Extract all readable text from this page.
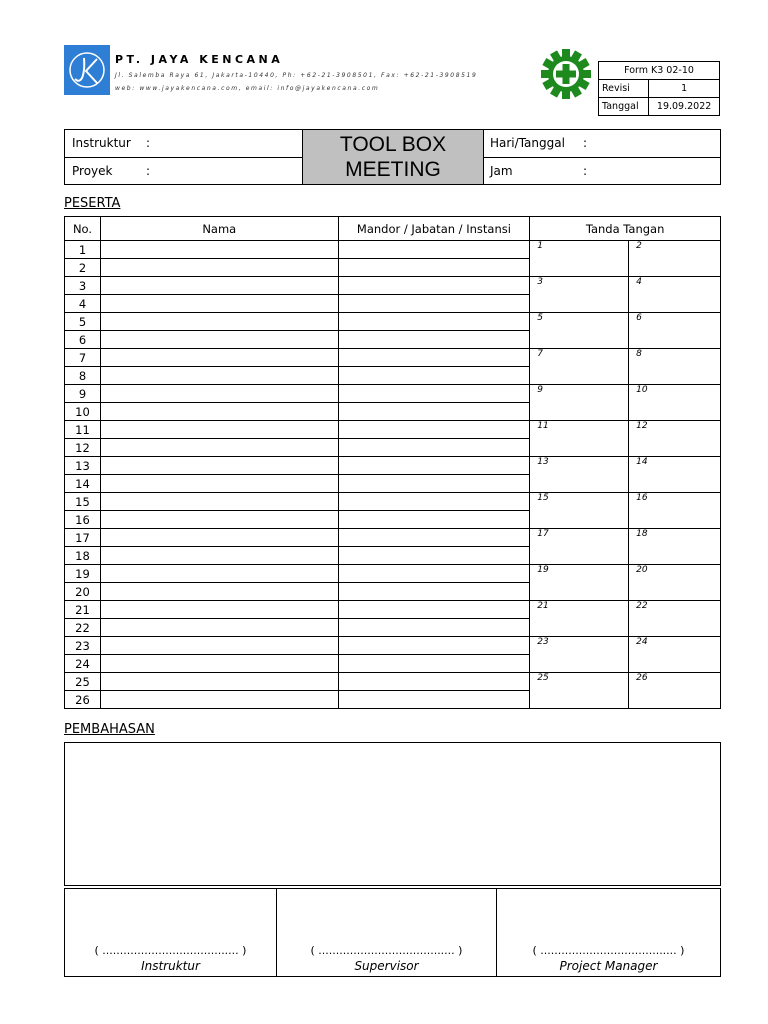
PT. JAYA KENCANA
Jl. Salemba Raya 61, Jakarta-10440, Ph: +62-21-3908501, Fax: +62-21-3908519
web: www.jayakencana.com, email: info@jayakencana.com
Form K3 02-10	
Revisi	1
Tanggal	19.09.2022
Instruktur :
Proyek	:
TOOL BOX
MEETING
Hari/Tanggal :
Jam	:
PESERTA
No.	Nama	Mandor / Jabatan / Instansi	Tanda Tangan	
1			1	2

2				
3			3	4

4				
5			5	6

6				
7			7	8

8				
9			9	10

10				
11			11	12

12				
13			13	14

14				
15			15	16

16				
17			17	18

18				
19			19	20

20				
21			21	22

22				
23			23	24

24				
25			25	26

26				
PEMBAHASAN
( ....................................... )
Instruktur
( ....................................... )
Supervisor
( ....................................... )
Project Manager
